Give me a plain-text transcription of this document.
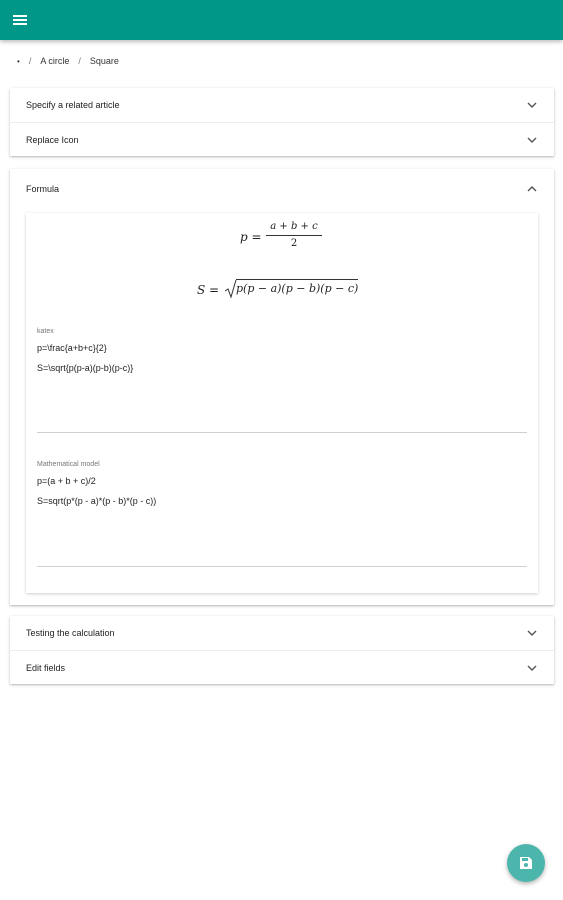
• / A circle / Square
Specify a related article
Replace Icon
Formula
p =
a + b + c
2
S = p(p − a)(p − b)(p − c)
katex
p=\frac{a+b+c}{2}
S=\sqrt{p(p-a)(p-b)(p-c)}
Mathematical model
p=(a + b + c)/2
S=sqrt(p*(p - a)*(p - b)*(p - c))
Testing the calculation
Edit fields
